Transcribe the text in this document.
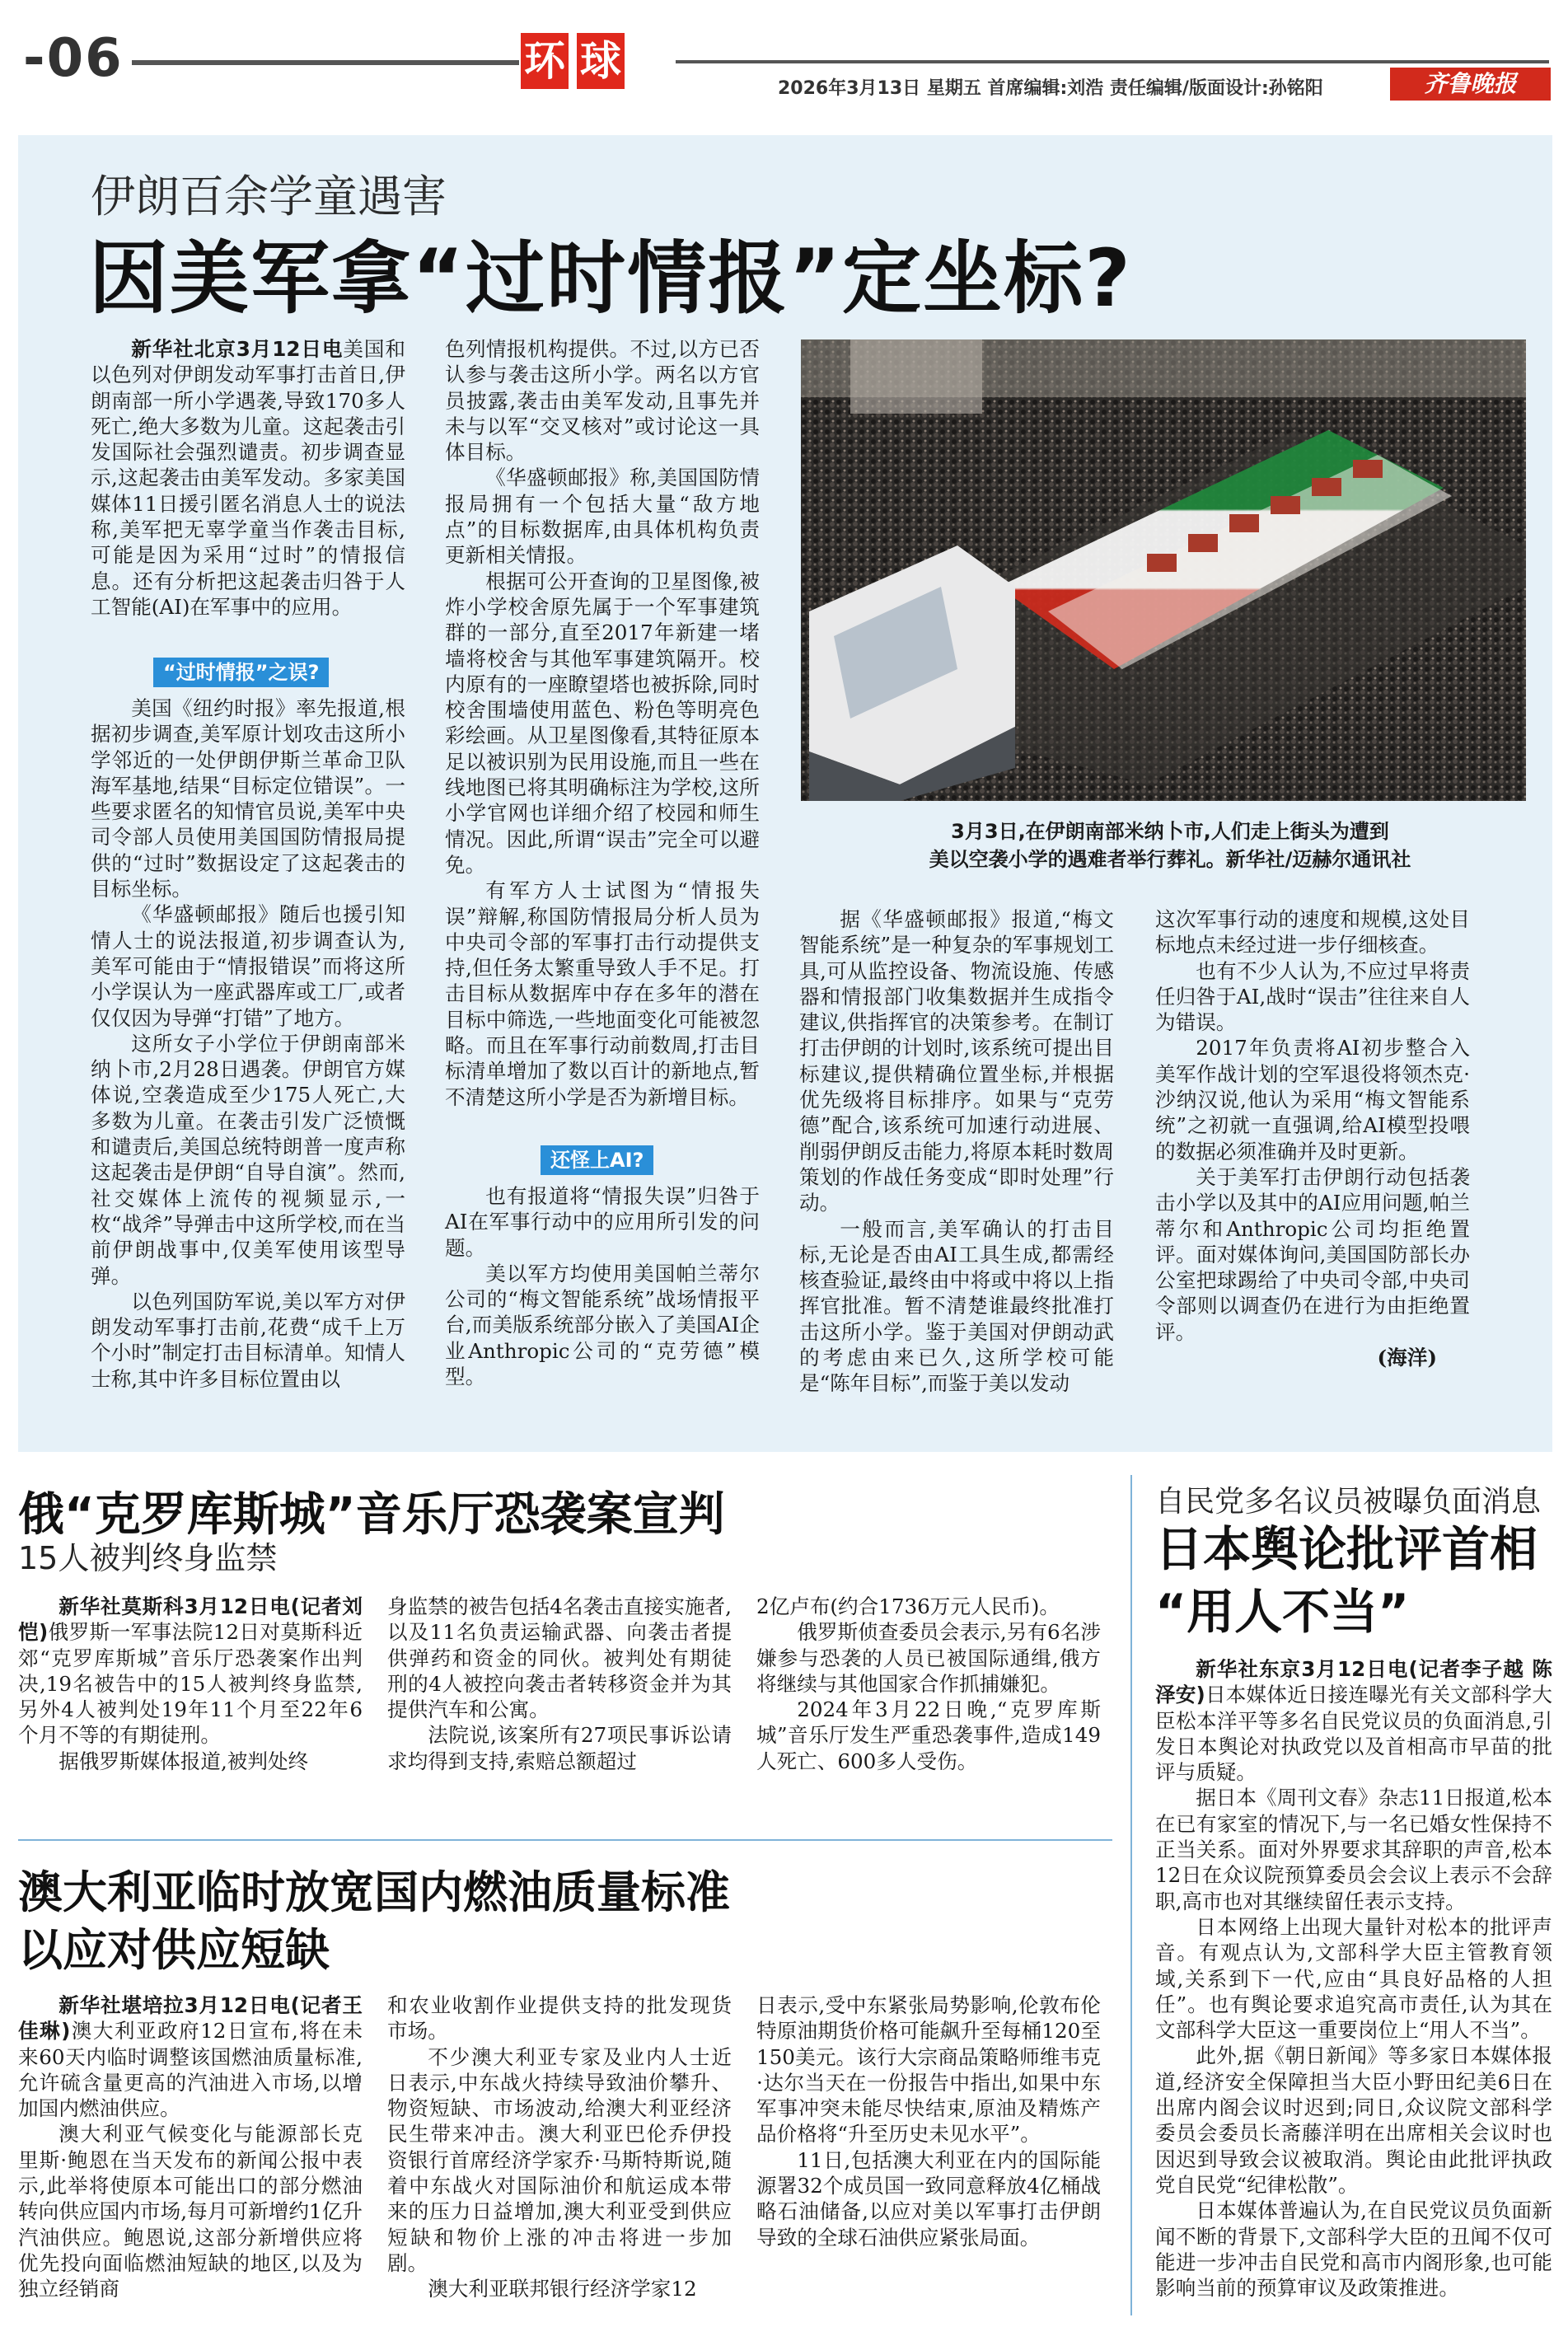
-06	环 球
2026年3月13日 星期五 首席编辑:刘浩 责任编辑/版面设计:孙铭阳	齐鲁晚报
伊朗百余学童遇害
因美军拿“过时情报”定坐标?
3月3日,在伊朗南部米纳卜市,人们走上街头为遭到
美以空袭小学的遇难者举行葬礼。新华社/迈赫尔通讯社

新华社北京3月12日电美国和以色列对伊朗发动军事打击首日,伊朗南部一所小学遇袭,导致170多人死亡,绝大多数为儿童。这起袭击引发国际社会强烈谴责。初步调查显示,这起袭击由美军发动。多家美国媒体11日援引匿名消息人士的说法称,美军把无辜学童当作袭击目标,可能是因为采用“过时”的情报信息。还有分析把这起袭击归咎于人工智能(AI)在军事中的应用。

“过时情报”之误?

美国《纽约时报》率先报道,根据初步调查,美军原计划攻击这所小学邻近的一处伊朗伊斯兰革命卫队海军基地,结果“目标定位错误”。一些要求匿名的知情官员说,美军中央司令部人员使用美国国防情报局提供的“过时”数据设定了这起袭击的目标坐标。

《华盛顿邮报》随后也援引知情人士的说法报道,初步调查认为,美军可能由于“情报错误”而将这所小学误认为一座武器库或工厂,或者仅仅因为导弹“打错”了地方。

这所女子小学位于伊朗南部米纳卜市,2月28日遇袭。伊朗官方媒体说,空袭造成至少175人死亡,大多数为儿童。在袭击引发广泛愤慨和谴责后,美国总统特朗普一度声称这起袭击是伊朗“自导自演”。然而,社交媒体上流传的视频显示,一枚“战斧”导弹击中这所学校,而在当前伊朗战事中,仅美军使用该型导弹。

以色列国防军说,美以军方对伊朗发动军事打击前,花费“成千上万个小时”制定打击目标清单。知情人士称,其中许多目标位置由以

色列情报机构提供。不过,以方已否认参与袭击这所小学。两名以方官员披露,袭击由美军发动,且事先并未与以军“交叉核对”或讨论这一具体目标。

《华盛顿邮报》称,美国国防情报局拥有一个包括大量“敌方地点”的目标数据库,由具体机构负责更新相关情报。

根据可公开查询的卫星图像,被炸小学校舍原先属于一个军事建筑群的一部分,直至2017年新建一堵墙将校舍与其他军事建筑隔开。校内原有的一座瞭望塔也被拆除,同时校舍围墙使用蓝色、粉色等明亮色彩绘画。从卫星图像看,其特征原本足以被识别为民用设施,而且一些在线地图已将其明确标注为学校,这所小学官网也详细介绍了校园和师生情况。因此,所谓“误击”完全可以避免。

有军方人士试图为“情报失误”辩解,称国防情报局分析人员为中央司令部的军事打击行动提供支持,但任务太繁重导致人手不足。打击目标从数据库中存在多年的潜在目标中筛选,一些地面变化可能被忽略。而且在军事行动前数周,打击目标清单增加了数以百计的新地点,暂不清楚这所小学是否为新增目标。

还怪上AI?

也有报道将“情报失误”归咎于AI在军事行动中的应用所引发的问题。

美以军方均使用美国帕兰蒂尔公司的“梅文智能系统”战场情报平台,而美版系统部分嵌入了美国AI企业Anthropic公司的“克劳德”模型。

据《华盛顿邮报》报道,“梅文智能系统”是一种复杂的军事规划工具,可从监控设备、物流设施、传感器和情报部门收集数据并生成指令建议,供指挥官的决策参考。在制订打击伊朗的计划时,该系统可提出目标建议,提供精确位置坐标,并根据优先级将目标排序。如果与“克劳德”配合,该系统可加速行动进展、削弱伊朗反击能力,将原本耗时数周策划的作战任务变成“即时处理”行动。

一般而言,美军确认的打击目标,无论是否由AI工具生成,都需经核查验证,最终由中将或中将以上指挥官批准。暂不清楚谁最终批准打击这所小学。鉴于美国对伊朗动武的考虑由来已久,这所学校可能是“陈年目标”,而鉴于美以发动

这次军事行动的速度和规模,这处目标地点未经过进一步仔细核查。

也有不少人认为,不应过早将责任归咎于AI,战时“误击”往往来自人为错误。

2017年负责将AI初步整合入美军作战计划的空军退役将领杰克·沙纳汉说,他认为采用“梅文智能系统”之初就一直强调,给AI模型投喂的数据必须准确并及时更新。

关于美军打击伊朗行动包括袭击小学以及其中的AI应用问题,帕兰蒂尔和Anthropic公司均拒绝置评。面对媒体询问,美国国防部长办公室把球踢给了中央司令部,中央司令部则以调查仍在进行为由拒绝置评。

(海洋)
俄“克罗库斯城”音乐厅恐袭案宣判
15人被判终身监禁

新华社莫斯科3月12日电(记者刘恺)俄罗斯一军事法院12日对莫斯科近郊“克罗库斯城”音乐厅恐袭案作出判决,19名被告中的15人被判终身监禁,另外4人被判处19年11个月至22年6个月不等的有期徒刑。

据俄罗斯媒体报道,被判处终

身监禁的被告包括4名袭击直接实施者,以及11名负责运输武器、向袭击者提供弹药和资金的同伙。被判处有期徒刑的4人被控向袭击者转移资金并为其提供汽车和公寓。

法院说,该案所有27项民事诉讼请求均得到支持,索赔总额超过

2亿卢布(约合1736万元人民币)。

俄罗斯侦查委员会表示,另有6名涉嫌参与恐袭的人员已被国际通缉,俄方将继续与其他国家合作抓捕嫌犯。

2024年3月22日晚,“克罗库斯城”音乐厅发生严重恐袭事件,造成149人死亡、600多人受伤。

澳大利亚临时放宽国内燃油质量标准
以应对供应短缺

新华社堪培拉3月12日电(记者王佳琳)澳大利亚政府12日宣布,将在未来60天内临时调整该国燃油质量标准,允许硫含量更高的汽油进入市场,以增加国内燃油供应。

澳大利亚气候变化与能源部长克里斯·鲍恩在当天发布的新闻公报中表示,此举将使原本可能出口的部分燃油转向供应国内市场,每月可新增约1亿升汽油供应。鲍恩说,这部分新增供应将优先投向面临燃油短缺的地区,以及为独立经销商

和农业收割作业提供支持的批发现货市场。

不少澳大利亚专家及业内人士近日表示,中东战火持续导致油价攀升、物资短缺、市场波动,给澳大利亚经济民生带来冲击。澳大利亚巴伦乔伊投资银行首席经济学家乔·马斯特斯说,随着中东战火对国际油价和航运成本带来的压力日益增加,澳大利亚受到供应短缺和物价上涨的冲击将进一步加剧。

澳大利亚联邦银行经济学家12

日表示,受中东紧张局势影响,伦敦布伦特原油期货价格可能飙升至每桶120至150美元。该行大宗商品策略师维韦克·达尔当天在一份报告中指出,如果中东军事冲突未能尽快结束,原油及精炼产品价格将“升至历史未见水平”。

11日,包括澳大利亚在内的国际能源署32个成员国一致同意释放4亿桶战略石油储备,以应对美以军事打击伊朗导致的全球石油供应紧张局面。

自民党多名议员被曝负面消息
日本舆论批评首相
“用人不当”

新华社东京3月12日电(记者李子越 陈泽安)日本媒体近日接连曝光有关文部科学大臣松本洋平等多名自民党议员的负面消息,引发日本舆论对执政党以及首相高市早苗的批评与质疑。

据日本《周刊文春》杂志11日报道,松本在已有家室的情况下,与一名已婚女性保持不正当关系。面对外界要求其辞职的声音,松本12日在众议院预算委员会会议上表示不会辞职,高市也对其继续留任表示支持。

日本网络上出现大量针对松本的批评声音。有观点认为,文部科学大臣主管教育领域,关系到下一代,应由“具良好品格的人担任”。也有舆论要求追究高市责任,认为其在文部科学大臣这一重要岗位上“用人不当”。

此外,据《朝日新闻》等多家日本媒体报道,经济安全保障担当大臣小野田纪美6日在出席内阁会议时迟到;同日,众议院文部科学委员会委员长斋藤洋明在出席相关会议时也因迟到导致会议被取消。舆论由此批评执政党自民党“纪律松散”。

日本媒体普遍认为,在自民党议员负面新闻不断的背景下,文部科学大臣的丑闻不仅可能进一步冲击自民党和高市内阁形象,也可能影响当前的预算审议及政策推进。
